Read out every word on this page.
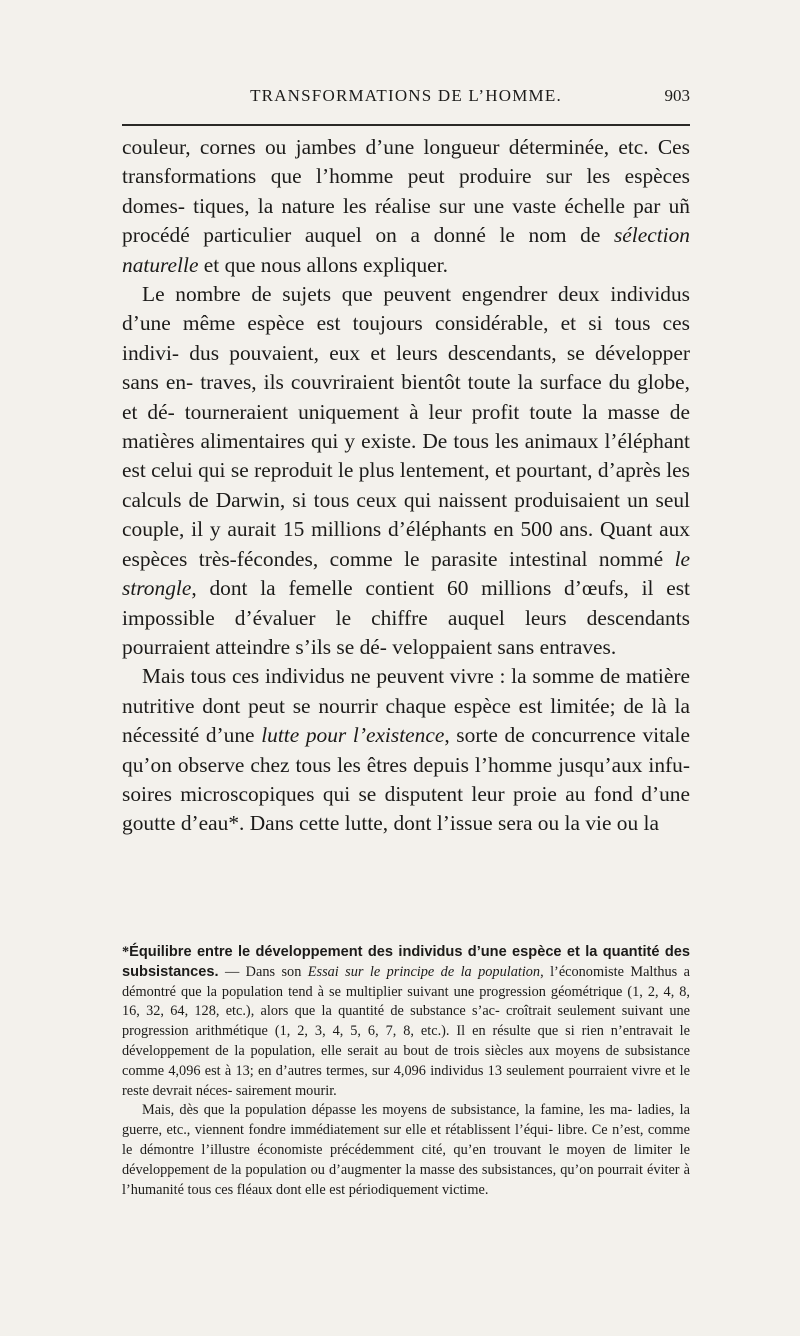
TRANSFORMATIONS DE L’HOMME.	903

couleur, cornes ou jambes d’une longueur déterminée, etc. Ces transformations que l’homme peut produire sur les espèces domes- tiques, la nature les réalise sur une vaste échelle par uñ procédé particulier auquel on a donné le nom de sélection naturelle et que nous allons expliquer.

Le nombre de sujets que peuvent engendrer deux individus d’une même espèce est toujours considérable, et si tous ces indivi- dus pouvaient, eux et leurs descendants, se développer sans en- traves, ils couvriraient bientôt toute la surface du globe, et dé- tourneraient uniquement à leur profit toute la masse de matières alimentaires qui y existe. De tous les animaux l’éléphant est celui qui se reproduit le plus lentement, et pourtant, d’après les calculs de Darwin, si tous ceux qui naissent produisaient un seul couple, il y aurait 15 millions d’éléphants en 500 ans. Quant aux espèces très-fécondes, comme le parasite intestinal nommé le strongle, dont la femelle contient 60 millions d’œufs, il est impossible d’évaluer le chiffre auquel leurs descendants pourraient atteindre s’ils se dé- veloppaient sans entraves.

Mais tous ces individus ne peuvent vivre : la somme de matière nutritive dont peut se nourrir chaque espèce est limitée; de là la nécessité d’une lutte pour l’existence, sorte de concurrence vitale qu’on observe chez tous les êtres depuis l’homme jusqu’aux infu- soires microscopiques qui se disputent leur proie au fond d’une goutte d’eau*. Dans cette lutte, dont l’issue sera ou la vie ou la

*Équilibre entre le développement des individus d’une espèce et la quantité des subsistances. — Dans son Essai sur le principe de la population, l’économiste Malthus a démontré que la population tend à se multiplier suivant une progression géométrique (1, 2, 4, 8, 16, 32, 64, 128, etc.), alors que la quantité de substance s’ac- croîtrait seulement suivant une progression arithmétique (1, 2, 3, 4, 5, 6, 7, 8, etc.). Il en résulte que si rien n’entravait le développement de la population, elle serait au bout de trois siècles aux moyens de subsistance comme 4,096 est à 13; en d’autres termes, sur 4,096 individus 13 seulement pourraient vivre et le reste devrait néces- sairement mourir.

Mais, dès que la population dépasse les moyens de subsistance, la famine, les ma- ladies, la guerre, etc., viennent fondre immédiatement sur elle et rétablissent l’équi- libre. Ce n’est, comme le démontre l’illustre économiste précédemment cité, qu’en trouvant le moyen de limiter le développement de la population ou d’augmenter la masse des subsistances, qu’on pourrait éviter à l’humanité tous ces fléaux dont elle est périodiquement victime.
